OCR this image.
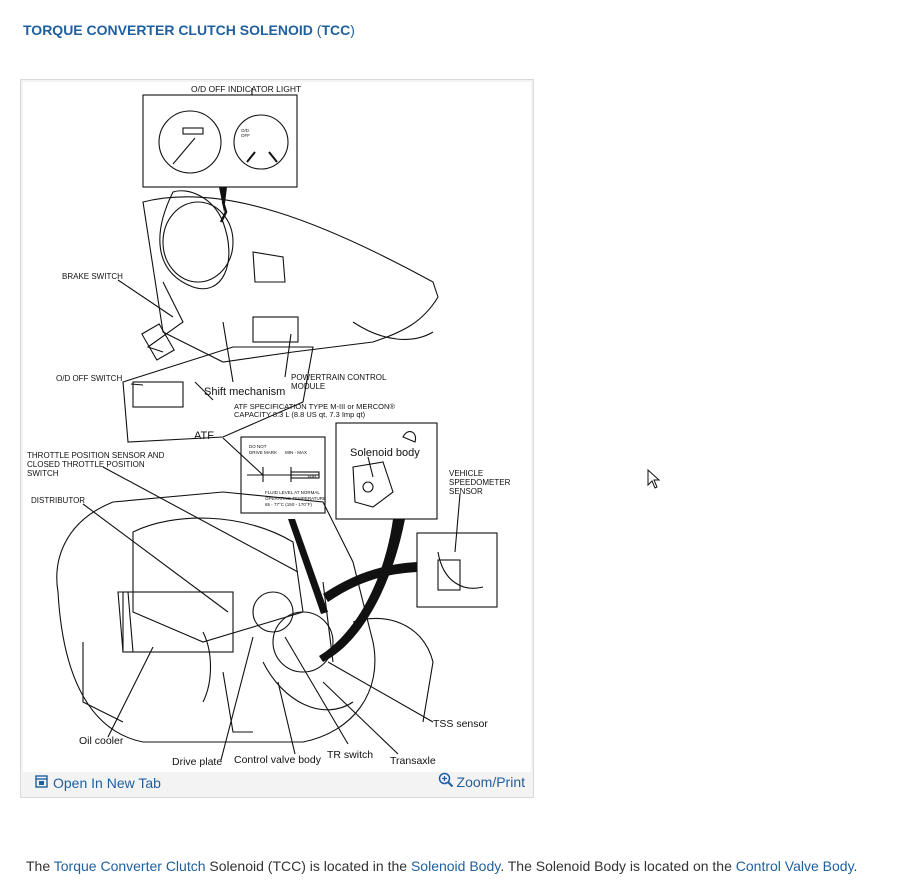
TORQUE CONVERTER CLUTCH SOLENOID (TCC)
O/D OFF INDICATOR LIGHT
BRAKE SWITCH
O/D OFF SWITCH
Shift mechanism
POWERTRAIN CONTROL
MODULE
ATF SPECIFICATION TYPE M-III or MERCON®
CAPACITY 8.3 L (8.8 US qt, 7.3 Imp qt)
ATF
Solenoid body
THROTTLE POSITION SENSOR AND
CLOSED THROTTLE POSITION
SWITCH	VEHICLE
SPEEDOMETER
SENSOR
DISTRIBUTOR
TSS sensor
Oil cooler
Drive plate Control valve body TR switch Transaxle
DO NOT
DRIVE MARK MIN - MAX
60H
FLUID LEVEL AT NORMAL
OPERATING TEMPERATURE
65 - 77°C (150 - 170°F)
O/D
OFF
Open In New Tab	Zoom/Print
The Torque Converter Clutch Solenoid (TCC) is located in the Solenoid Body. The Solenoid Body is located on the Control Valve Body.
